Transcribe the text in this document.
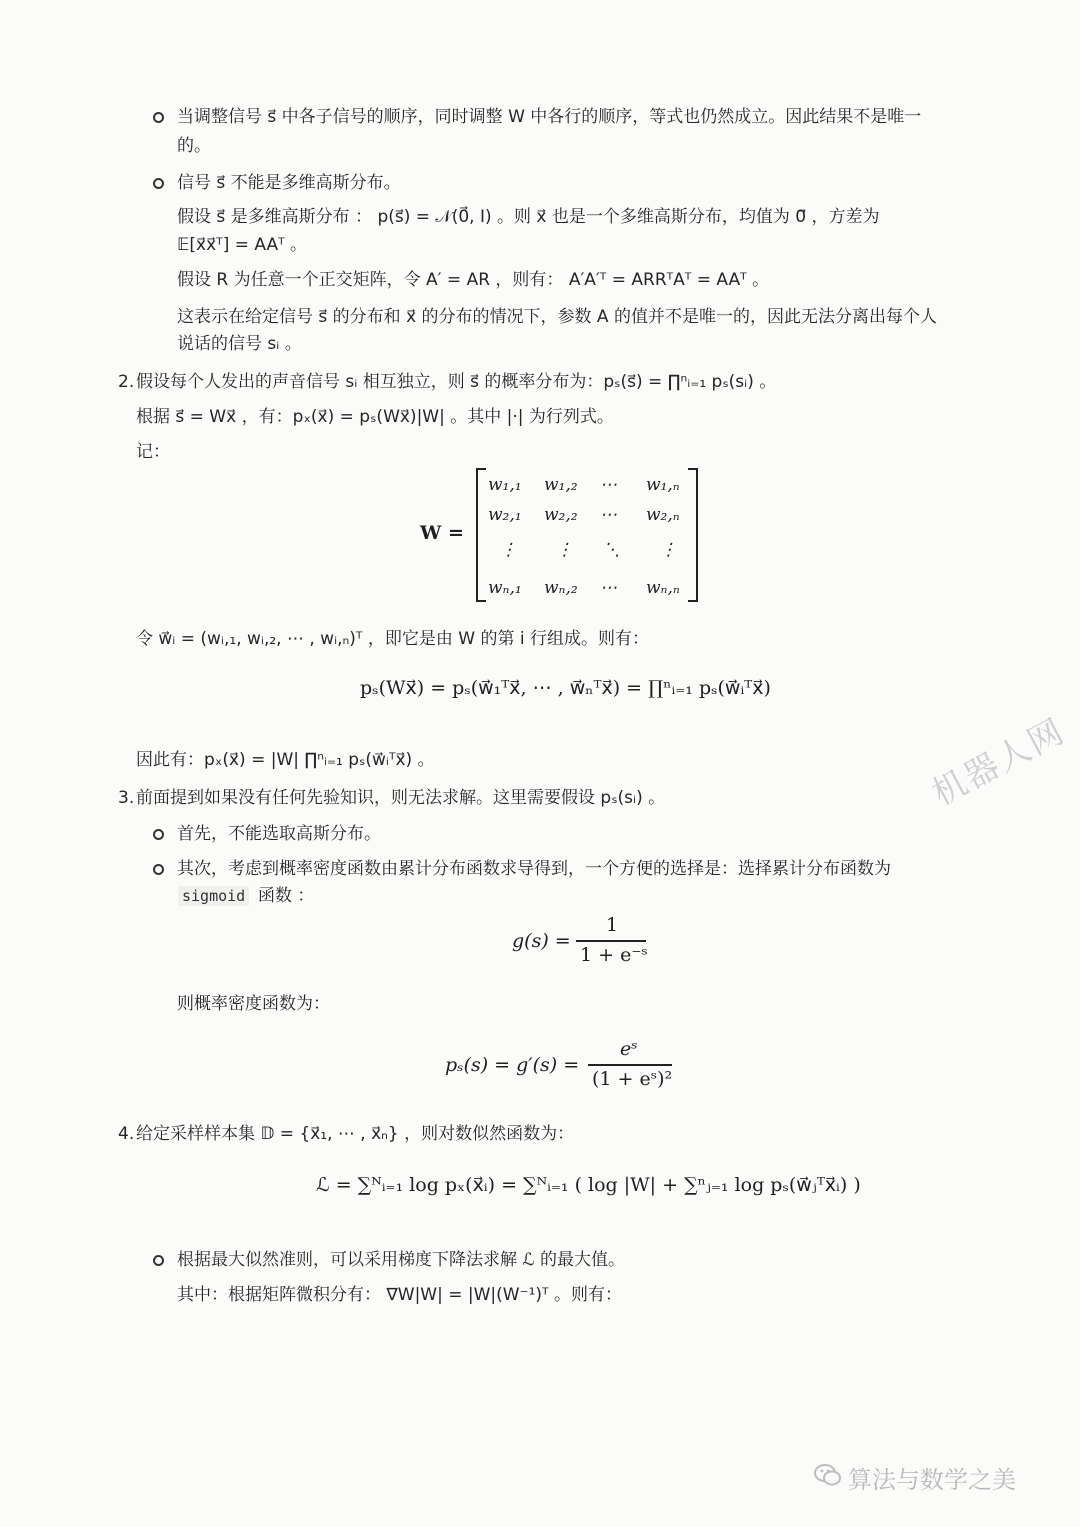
当调整信号 s⃗ 中各子信号的顺序，同时调整 W 中各行的顺序，等式也仍然成立。因此结果不是唯一
的。
信号 s⃗ 不能是多维高斯分布。
假设 s⃗ 是多维高斯分布 ： p(s⃗) = 𝒩(0⃗, I) 。则 x⃗ 也是一个多维高斯分布，均值为 0⃗ ，方差为
𝔼[x⃗x⃗ᵀ] = AAᵀ 。
假设 R 为任意一个正交矩阵，令 A′ = AR ，则有： A′A′ᵀ = ARRᵀAᵀ = AAᵀ 。
这表示在给定信号 s⃗ 的分布和 x⃗ 的分布的情况下，参数 A 的值并不是唯一的，因此无法分离出每个人
说话的信号 sᵢ 。
2. 假设每个人发出的声音信号 sᵢ 相互独立，则 s⃗ 的概率分布为：pₛ(s⃗) = ∏ⁿᵢ₌₁ pₛ(sᵢ) 。
根据 s⃗ = Wx⃗ ，有：pₓ(x⃗) = pₛ(Wx⃗)|W| 。其中 |·| 为行列式。
记：
W =
w₁,₁ w₁,₂ ⋯ w₁,ₙ
w₂,₁ w₂,₂ ⋯ w₂,ₙ
⋮ ⋮ ⋱ ⋮
wₙ,₁ wₙ,₂ ⋯ wₙ,ₙ
令 w⃗ᵢ = (wᵢ,₁, wᵢ,₂, ⋯ , wᵢ,ₙ)ᵀ ，即它是由 W 的第 i 行组成。则有：
pₛ(Wx⃗) = pₛ(w⃗₁ᵀx⃗, ⋯ , w⃗ₙᵀx⃗) = ∏ⁿᵢ₌₁ pₛ(w⃗ᵢᵀx⃗)
因此有：pₓ(x⃗) = |W| ∏ⁿᵢ₌₁ pₛ(w⃗ᵢᵀx⃗) 。
3. 前面提到如果没有任何先验知识，则无法求解。这里需要假设 pₛ(sᵢ) 。
首先，不能选取高斯分布。
其次，考虑到概率密度函数由累计分布函数求导得到，一个方便的选择是：选择累计分布函数为
sigmoid 函数 ：
g(s) =
1
1 + e⁻ˢ
则概率密度函数为：
pₛ(s) = g′(s) =
eˢ
(1 + eˢ)²
4. 给定采样样本集 𝔻 = {x⃗₁, ⋯ , x⃗ₙ} ，则对数似然函数为：
ℒ = ∑ᴺᵢ₌₁ log pₓ(x⃗ᵢ) = ∑ᴺᵢ₌₁ ( log |W| + ∑ⁿⱼ₌₁ log pₛ(w⃗ⱼᵀx⃗ᵢ) )
根据最大似然准则，可以采用梯度下降法求解 ℒ 的最大值。
其中：根据矩阵微积分有： ∇W|W| = |W|(W⁻¹)ᵀ 。则有：
机器人网
算法与数学之美
